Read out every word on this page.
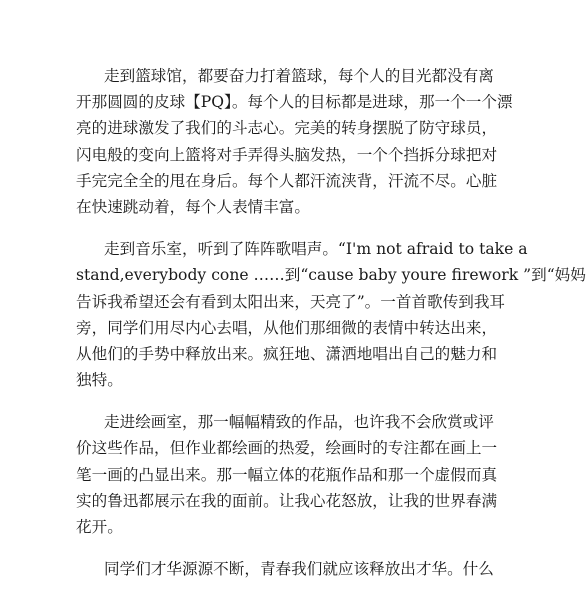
走到篮球馆，都要奋力打着篮球，每个人的目光都没有离
开那圆圆的皮球【PQ】。每个人的目标都是进球，那一个一个漂
亮的进球激发了我们的斗志心。完美的转身摆脱了防守球员，
闪电般的变向上篮将对手弄得头脑发热，一个个挡拆分球把对
手完完全全的甩在身后。每个人都汗流浃背，汗流不尽。心脏
在快速跳动着，每个人表情丰富。

走到音乐室，听到了阵阵歌唱声。“I'm not afraid to take a
stand,everybody cone ……到“cause baby youre firework ”到“妈妈
告诉我希望还会有看到太阳出来，天亮了”。一首首歌传到我耳
旁，同学们用尽内心去唱，从他们那细微的表情中转达出来，
从他们的手势中释放出来。疯狂地、潇洒地唱出自己的魅力和
独特。

走进绘画室，那一幅幅精致的作品，也许我不会欣赏或评
价这些作品，但作业都绘画的热爱，绘画时的专注都在画上一
笔一画的凸显出来。那一幅立体的花瓶作品和那一个虚假而真
实的鲁迅都展示在我的面前。让我心花怒放，让我的世界春满
花开。

同学们才华源源不断，青春我们就应该释放出才华。什么
